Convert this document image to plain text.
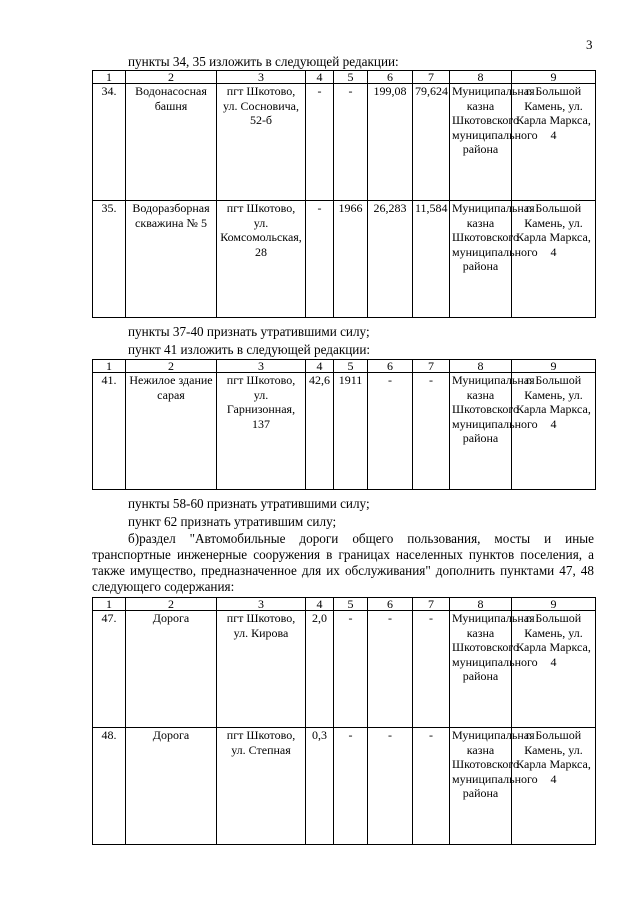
3
пункты 34, 35 изложить в следующей редакции:
1	2	3	4	5	6	7	8	9
34.	Водонасосная башня	пгт Шкотово, ул. Сосновича, 52-б	-	-	199,08	79,624	Муниципальная казна Шкотовского муниципального района	г. Большой Камень, ул. Карла Маркса, 4
35.	Водоразборная скважина № 5	пгт Шкотово, ул. Комсомольская, 28	-	1966	26,283	11,584	Муниципальная казна Шкотовского муниципального района	г. Большой Камень, ул. Карла Маркса, 4
пункты 37-40 признать утратившими силу;
пункт 41 изложить в следующей редакции:
1	2	3	4	5	6	7	8	9
41.	Нежилое здание сарая	пгт Шкотово, ул. Гарнизонная, 137	42,6	1911	-	-	Муниципальная казна Шкотовского муниципального района	г. Большой Камень, ул. Карла Маркса, 4
пункты 58-60 признать утратившими силу;
пункт 62 признать утратившим силу;
б)раздел "Автомобильные дороги общего пользования, мосты и иные транспортные инженерные сооружения в границах населенных пунктов поселения, а также имущество, предназначенное для их обслуживания" дополнить пунктами 47, 48 следующего содержания:
1	2	3	4	5	6	7	8	9
47.	Дорога	пгт Шкотово, ул. Кирова	2,0	-	-	-	Муниципальная казна Шкотовского муниципального района	г. Большой Камень, ул. Карла Маркса, 4
48.	Дорога	пгт Шкотово, ул. Степная	0,3	-	-	-	Муниципальная казна Шкотовского муниципального района	г. Большой Камень, ул. Карла Маркса, 4
